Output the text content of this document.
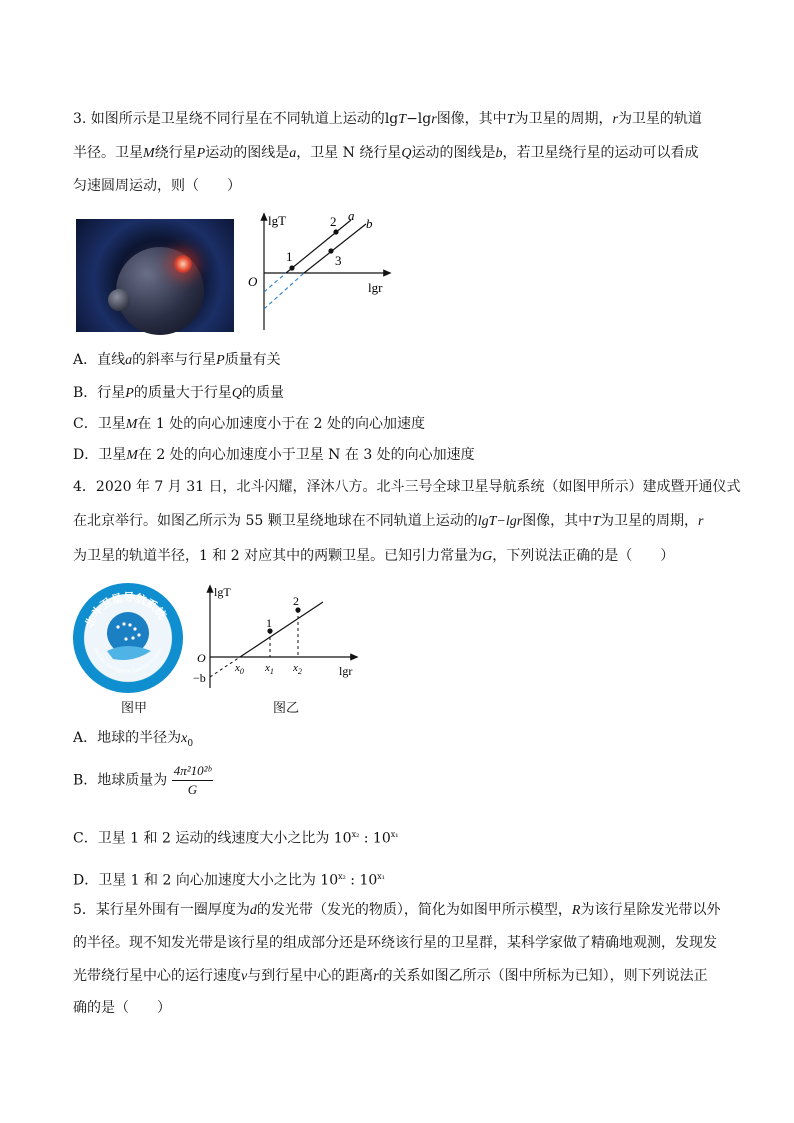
3. 如图所示是卫星绕不同行星在不同轨道上运动的lgT−lgr图像，其中T为卫星的周期，r为卫星的轨道
半径。卫星M绕行星P运动的图线是a，卫星 N 绕行星Q运动的图线是b，若卫星绕行星的运动可以看成
匀速圆周运动，则（　　）
lgT
lgr
O
1
2
3
a
b
A．直线a的斜率与行星P质量有关
B．行星P的质量大于行星Q的质量
C．卫星M在 1 处的向心加速度小于在 2 处的向心加速度
D．卫星M在 2 处的向心加速度小于卫星 N 在 3 处的向心加速度
4．2020 年 7 月 31 日，北斗闪耀，泽沐八方。北斗三号全球卫星导航系统（如图甲所示）建成暨开通仪式
在北京举行。如图乙所示为 55 颗卫星绕地球在不同轨道上运动的lgT−lgr图像，其中T为卫星的周期，r
为卫星的轨道半径，1 和 2 对应其中的两颗卫星。已知引力常量为G，下列说法正确的是（　　）
北斗卫星导航系统
BeiDou Navigation Satellite System
lgT
lgr
O
−b
$x_0$ $x_1$ $x_2$
1
2
图甲	图乙
A．地球的半径为$x_0$
B．地球质量为 $\frac{\text{4π²10²ᵇ}}{G}$
C．卫星 1 和 2 运动的线速度大小之比为 $10^{x_2}$ : $10^{x_1}$
D．卫星 1 和 2 向心加速度大小之比为 $10^{x_2}$ : $10^{x_1}$
5．某行星外围有一圈厚度为d的发光带（发光的物质），简化为如图甲所示模型，R为该行星除发光带以外
的半径。现不知发光带是该行星的组成部分还是环绕该行星的卫星群，某科学家做了精确地观测，发现发
光带绕行星中心的运行速度v与到行星中心的距离r的关系如图乙所示（图中所标为已知），则下列说法正
确的是（　　）
